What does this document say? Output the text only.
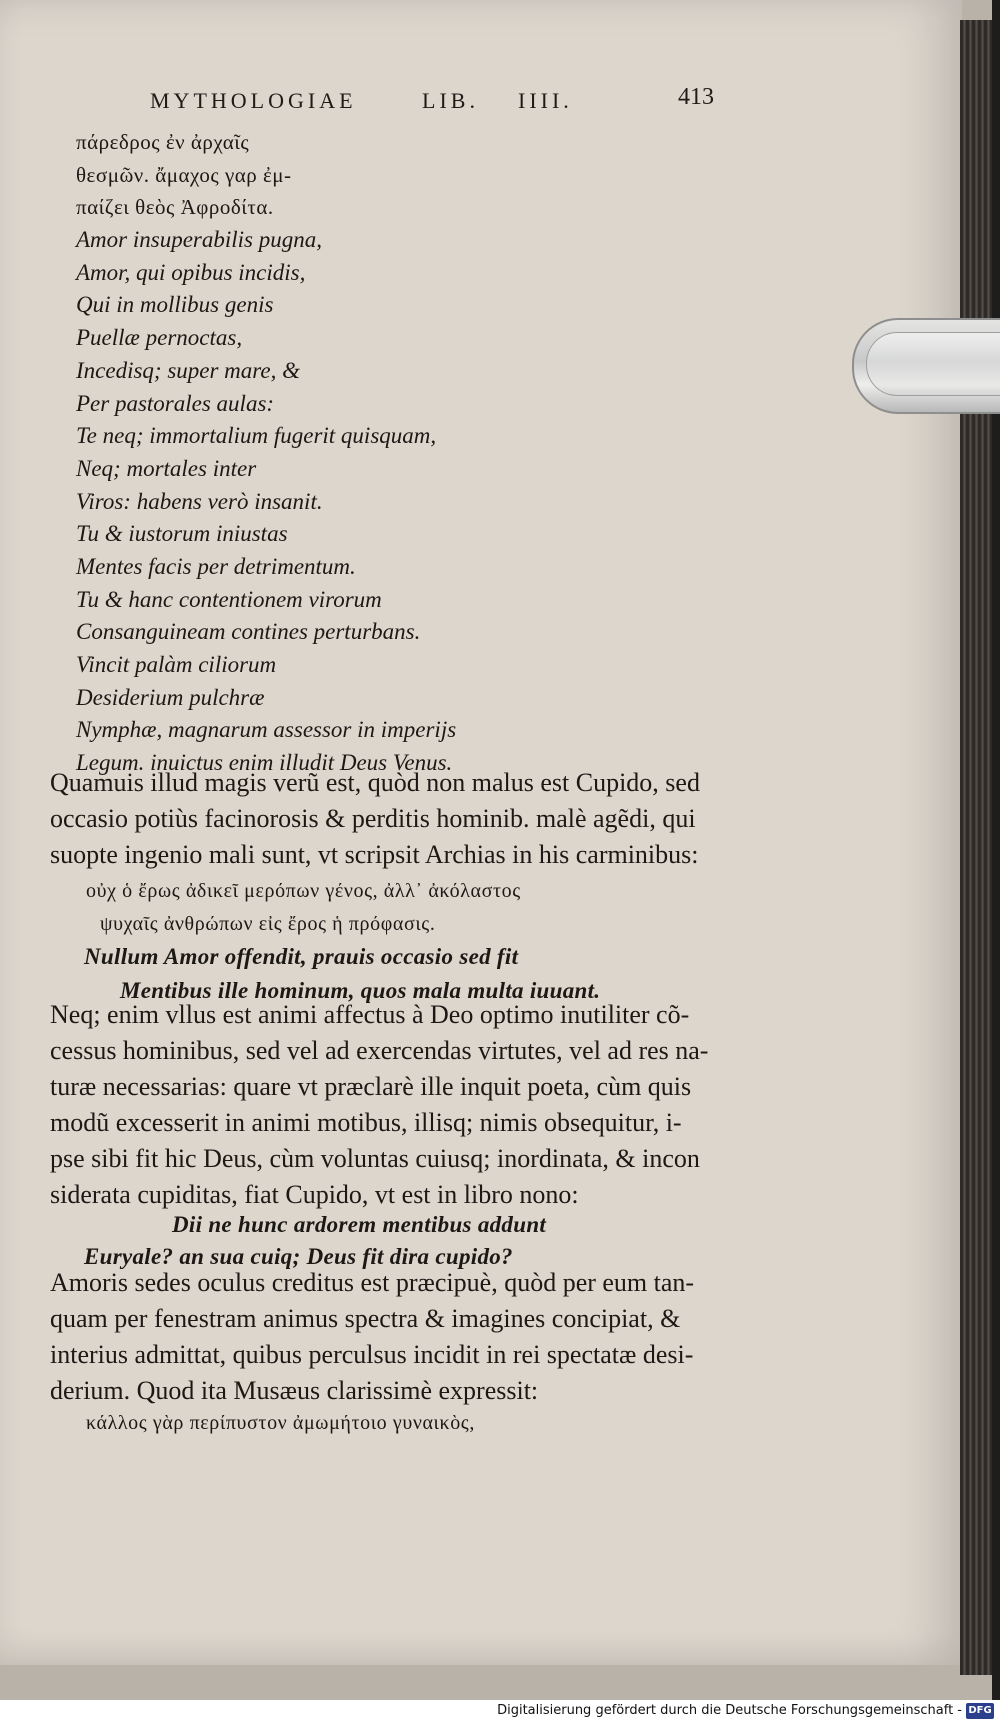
MYTHOLOGIAE	LIB. IIII.	413
πάρεδρος ἐν ἀρχαῖς
θεσμῶν. ἄμαχος γαρ ἐμ-
παίζει θεὸς Ἀφροδίτα.
Amor insuperabilis pugna,
Amor, qui opibus incidis,
Qui in mollibus genis
Puellæ pernoctas,
Incedisq; super mare, &
Per pastorales aulas:
Te neq; immortalium fugerit quisquam,
Neq; mortales inter
Viros: habens verò insanit.
Tu & iustorum iniustas
Mentes facis per detrimentum.
Tu & hanc contentionem virorum
Consanguineam contines perturbans.
Vincit palàm ciliorum
Desiderium pulchræ
Nymphæ, magnarum assessor in imperijs
Legum. inuictus enim illudit Deus Venus.
Quamuis illud magis verũ est, quòd non malus est Cupido, sed
occasio potiùs facinorosis & perditis hominib. malè agẽdi, qui
suopte ingenio mali sunt, vt scripsit Archias in his carminibus:
οὐχ ὁ ἔρως ἀδικεῖ μερόπων γένος, ἀλλ᾽ ἀκόλαστος
ψυχαῖς ἀνθρώπων εἰς ἔρος ἡ πρόφασις.
Nullum Amor offendit, prauis occasio sed fit
Mentibus ille hominum, quos mala multa iuuant.
Neq; enim vllus est animi affectus à Deo optimo inutiliter cõ-
cessus hominibus, sed vel ad exercendas virtutes, vel ad res na-
turæ necessarias: quare vt præclarè ille inquit poeta, cùm quis
modũ excesserit in animi motibus, illisq; nimis obsequitur, i-
pse sibi fit hic Deus, cùm voluntas cuiusq; inordinata, & incon
siderata cupiditas, fiat Cupido, vt est in libro nono:
Dii ne hunc ardorem mentibus addunt
Euryale? an sua cuiq; Deus fit dira cupido?
Amoris sedes oculus creditus est præcipuè, quòd per eum tan-
quam per fenestram animus spectra & imagines concipiat, &
interius admittat, quibus perculsus incidit in rei spectatæ desi-
derium. Quod ita Musæus clarissimè expressit:
κάλλος γὰρ περίπυστον ἀμωμήτοιο γυναικὸς,
Digitalisierung gefördert durch die Deutsche Forschungsgemeinschaft - DFG
